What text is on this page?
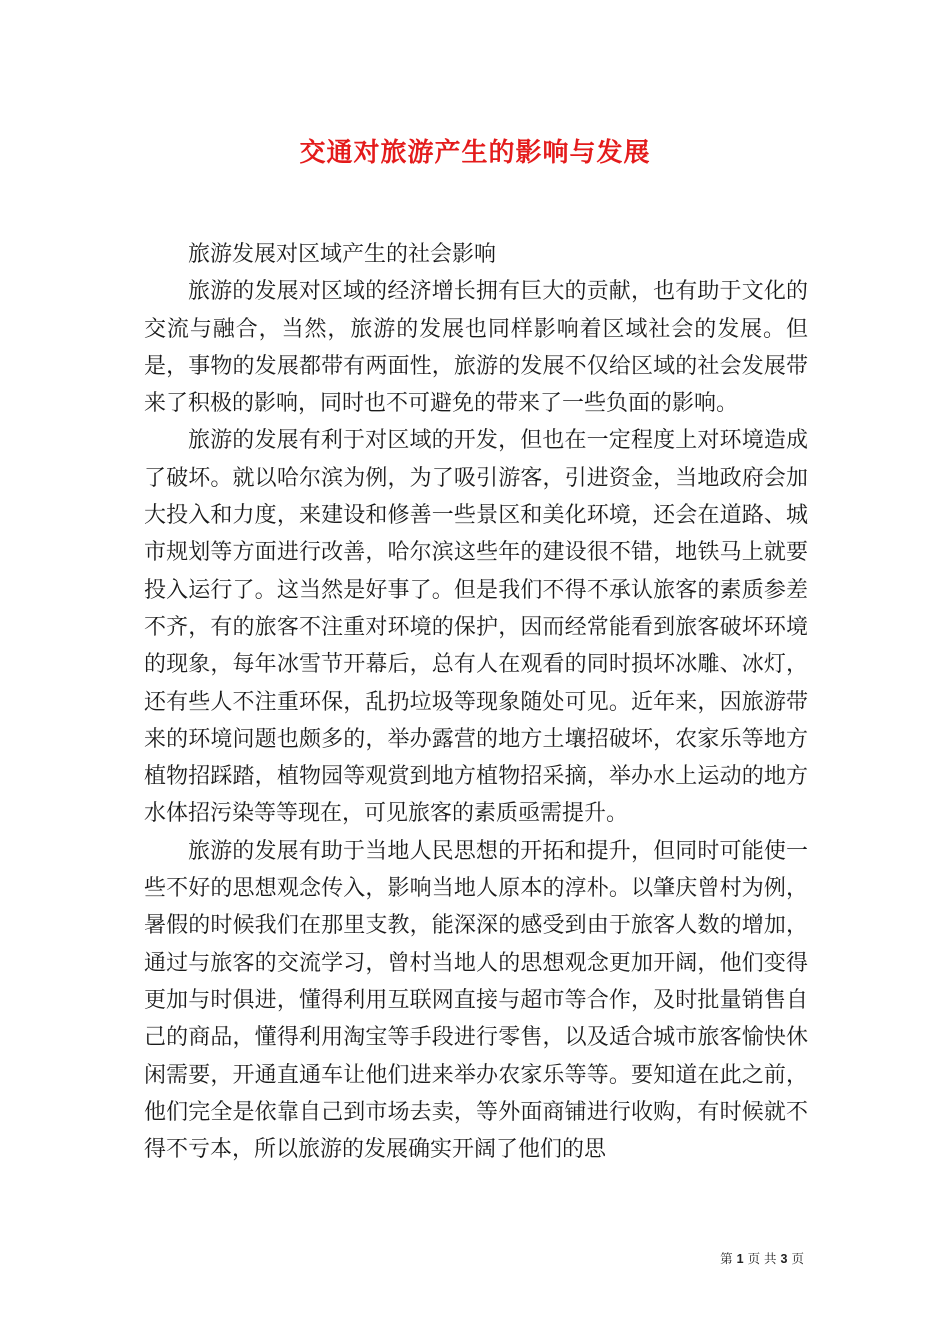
交通对旅游产生的影响与发展

旅游发展对区域产生的社会影响

旅游的发展对区域的经济增长拥有巨大的贡献，也有助于文化的交流与融合，当然，旅游的发展也同样影响着区域社会的发展。但是，事物的发展都带有两面性，旅游的发展不仅给区域的社会发展带来了积极的影响，同时也不可避免的带来了一些负面的影响。

旅游的发展有利于对区域的开发，但也在一定程度上对环境造成了破坏。就以哈尔滨为例，为了吸引游客，引进资金，当地政府会加大投入和力度，来建设和修善一些景区和美化环境，还会在道路、城市规划等方面进行改善，哈尔滨这些年的建设很不错，地铁马上就要投入运行了。这当然是好事了。但是我们不得不承认旅客的素质参差不齐，有的旅客不注重对环境的保护，因而经常能看到旅客破坏环境的现象，每年冰雪节开幕后，总有人在观看的同时损坏冰雕、冰灯，还有些人不注重环保，乱扔垃圾等现象随处可见。近年来，因旅游带来的环境问题也颇多的，举办露营的地方土壤招破坏，农家乐等地方植物招踩踏，植物园等观赏到地方植物招采摘，举办水上运动的地方水体招污染等等现在，可见旅客的素质亟需提升。

旅游的发展有助于当地人民思想的开拓和提升，但同时可能使一些不好的思想观念传入，影响当地人原本的淳朴。以肇庆曾村为例，暑假的时候我们在那里支教，能深深的感受到由于旅客人数的增加，通过与旅客的交流学习，曾村当地人的思想观念更加开阔，他们变得更加与时俱进，懂得利用互联网直接与超市等合作，及时批量销售自己的商品，懂得利用淘宝等手段进行零售，以及适合城市旅客愉快休闲需要，开通直通车让他们进来举办农家乐等等。要知道在此之前，他们完全是依靠自己到市场去卖，等外面商铺进行收购，有时候就不得不亏本，所以旅游的发展确实开阔了他们的思

第 1 页 共 3 页
